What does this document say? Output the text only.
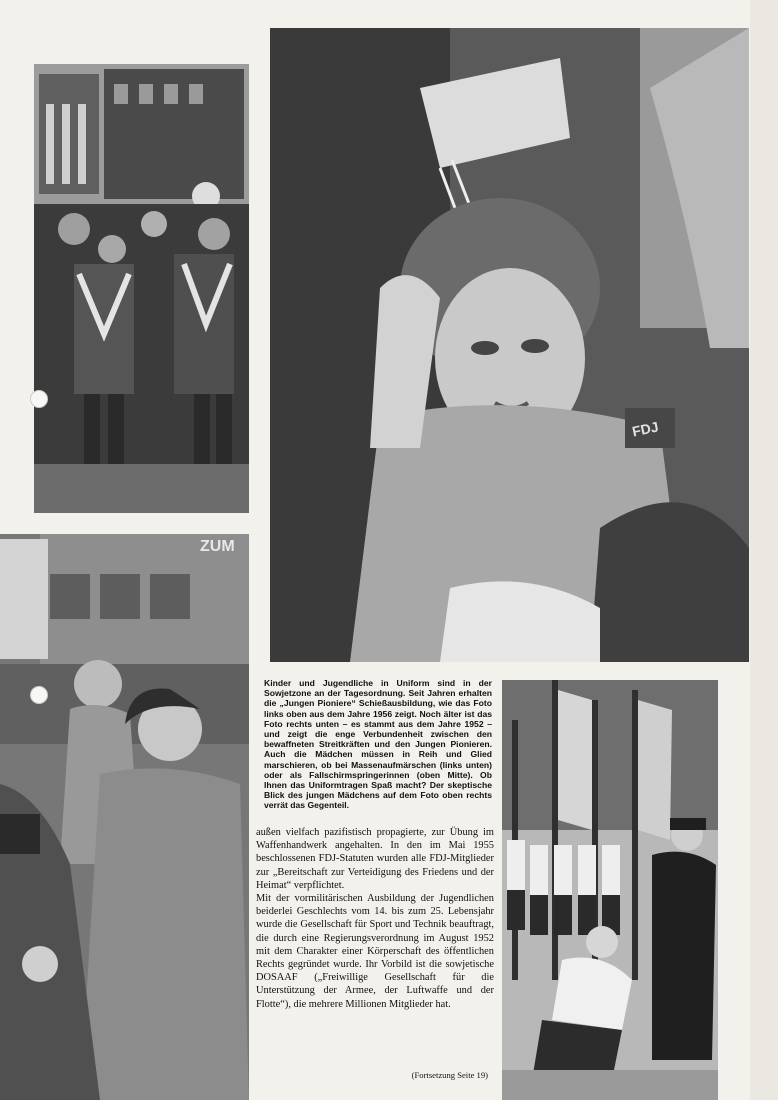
FDJ
ZUM
Kinder und Jugendliche in Uniform sind in der Sowjetzone an der Tagesordnung. Seit Jahren erhalten die „Jungen Pioniere“ Schießausbildung, wie das Foto links oben aus dem Jahre 1956 zeigt. Noch älter ist das Foto rechts unten – es stammt aus dem Jahre 1952 – und zeigt die enge Verbundenheit zwischen den bewaffneten Streitkräften und den Jungen Pionieren. Auch die Mädchen müssen in Reih und Glied marschieren, ob bei Massenaufmärschen (links unten) oder als Fallschirmspringerinnen (oben Mitte). Ob Ihnen das Uniformtragen Spaß macht? Der skeptische Blick des jungen Mädchens auf dem Foto oben rechts verrät das Gegenteil.

außen vielfach pazifistisch propagierte, zur Übung im Waffenhandwerk angehalten. In den im Mai 1955 beschlossenen FDJ-Statuten wurden alle FDJ-Mitglieder zur „Bereitschaft zur Verteidigung des Friedens und der Heimat“ verpflichtet.

Mit der vormilitärischen Ausbildung der Jugendlichen beiderlei Geschlechts vom 14. bis zum 25. Lebensjahr wurde die Gesellschaft für Sport und Technik beauftragt, die durch eine Regierungsverordnung im August 1952 mit dem Charakter einer Körperschaft des öffentlichen Rechts gegründet wurde. Ihr Vorbild ist die sowjetische DOSAAF („Freiwillige Gesellschaft für die Unterstützung der Armee, der Luftwaffe und der Flotte“), die mehrere Millionen Mitglieder hat.

(Fortsetzung Seite 19)
